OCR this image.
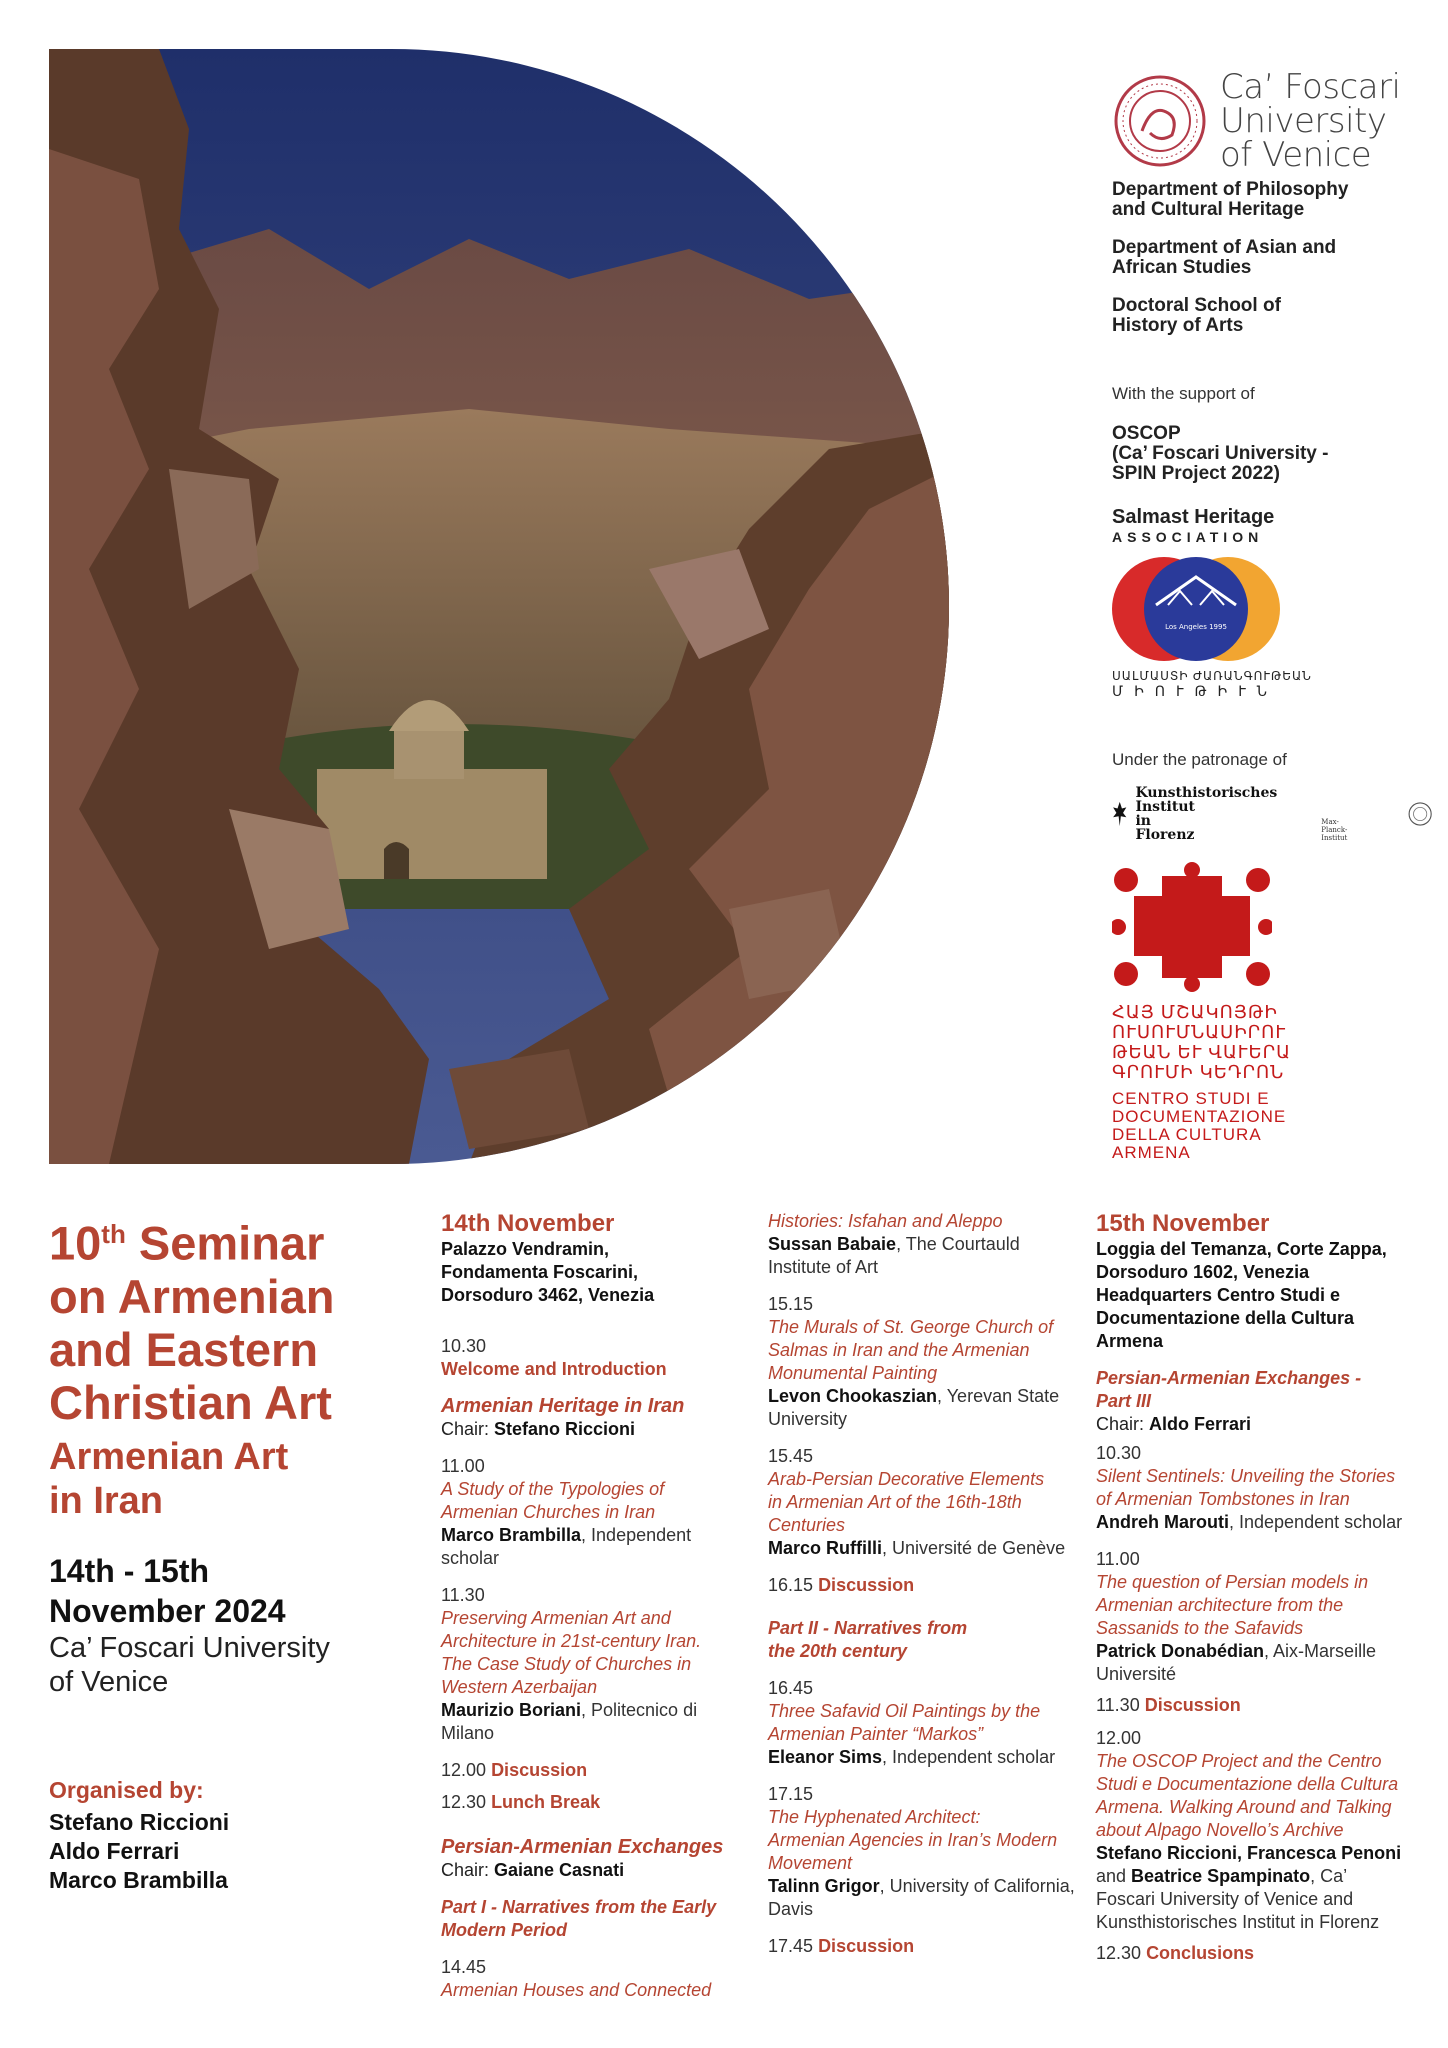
Ca’ Foscari
University
of Venice
Department of Philosophy
and Cultural Heritage
Department of Asian and
African Studies
Doctoral School of
History of Arts
With the support of
OSCOP
(Ca’ Foscari University -
SPIN Project 2022)
Salmast Heritage
ASSOCIATION
Los Angeles 1995
ՍԱԼՄԱՍՏԻ ԺԱՌԱՆԳՈՒԹԵԱՆ
ՄԻՈՒԹԻՒՆ
Under the patronage of
Kunsthistorisches
Institut
in
Florenz
Max-Planck-Institut
ՀԱՅ ՄՇԱԿՈՅԹԻ
ՈՒՍՈՒՄՆԱՍԻՐՈՒ
ԹԵԱՆ ԵՒ ՎԱՒԵՐԱ
ԳՐՈՒՄԻ ԿԵԴՐՈՆ
CENTRO STUDI E
DOCUMENTAZIONE
DELLA CULTURA
ARMENA
10th Seminar
on Armenian
and Eastern
Christian Art
Armenian Art
in Iran
14th - 15th
November 2024
Ca’ Foscari University
of Venice
Organised by:
Stefano Riccioni
Aldo Ferrari
Marco Brambilla
14th November
Palazzo Vendramin,
Fondamenta Foscarini,
Dorsoduro 3462, Venezia
10.30
Welcome and Introduction
Armenian Heritage in Iran
Chair: Stefano Riccioni
11.00
A Study of the Typologies of
Armenian Churches in Iran
Marco Brambilla, Independent scholar
11.30
Preserving Armenian Art and
Architecture in 21st-century Iran.
The Case Study of Churches in
Western Azerbaijan
Maurizio Boriani, Politecnico di Milano
12.00 Discussion
12.30 Lunch Break
Persian-Armenian Exchanges
Chair: Gaiane Casnati
Part I - Narratives from the Early
Modern Period
14.45
Armenian Houses and Connected
Histories: Isfahan and Aleppo
Sussan Babaie, The Courtauld Institute of Art
15.15
The Murals of St. George Church of
Salmas in Iran and the Armenian
Monumental Painting
Levon Chookaszian, Yerevan State University
15.45
Arab-Persian Decorative Elements
in Armenian Art of the 16th-18th
Centuries
Marco Ruffilli, Université de Genève
16.15 Discussion
Part II - Narratives from
the 20th century
16.45
Three Safavid Oil Paintings by the
Armenian Painter “Markos”
Eleanor Sims, Independent scholar
17.15
The Hyphenated Architect:
Armenian Agencies in Iran’s Modern
Movement
Talinn Grigor, University of California, Davis
17.45 Discussion
15th November
Loggia del Temanza, Corte Zappa,
Dorsoduro 1602, Venezia
Headquarters Centro Studi e
Documentazione della Cultura
Armena
Persian-Armenian Exchanges -
Part III
Chair: Aldo Ferrari
10.30
Silent Sentinels: Unveiling the Stories
of Armenian Tombstones in Iran
Andreh Marouti, Independent scholar
11.00
The question of Persian models in
Armenian architecture from the
Sassanids to the Safavids
Patrick Donabédian, Aix-Marseille Université
11.30 Discussion
12.00
The OSCOP Project and the Centro
Studi e Documentazione della Cultura
Armena. Walking Around and Talking
about Alpago Novello’s Archive
Stefano Riccioni, Francesca Penoni and Beatrice Spampinato, Ca’ Foscari University of Venice and Kunsthistorisches Institut in Florenz
12.30 Conclusions
